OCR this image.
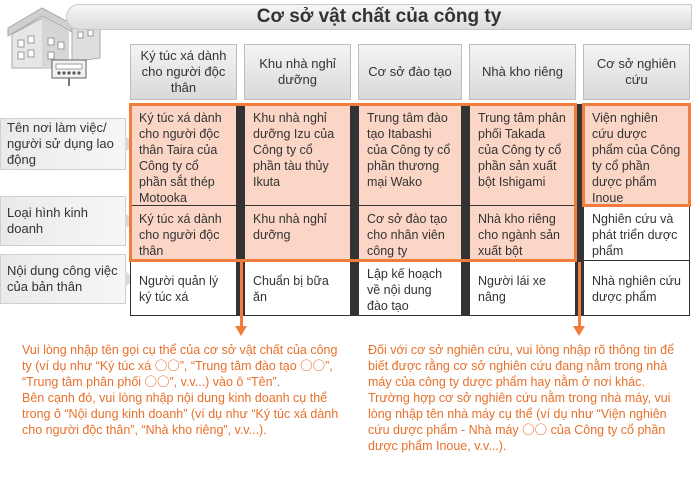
Cơ sở vật chất của công ty
Ký túc xá dành cho người độc thân
Khu nhà nghỉ dưỡng
Cơ sở đào tạo	Nhà kho riêng
Cơ sở nghiên cứu
Tên nơi làm việc/ người sử dụng lao động
Loại hình kinh doanh
Nội dung công việc của bản thân
Ký túc xá dành cho người độc thân Taira của Công ty cổ phần sắt thép Motooka
Khu nhà nghỉ dưỡng Izu của Công ty cổ phần tàu thủy Ikuta
Trung tâm đào tạo Itabashi của Công ty cổ phần thương mại Wako
Trung tâm phân phối Takada của Công ty cổ phần sản xuất bột Ishigami
Viện nghiên cứu dược phẩm của Công ty cổ phần dược phẩm Inoue
Ký túc xá dành cho người độc thân
Khu nhà nghỉ dưỡng
Cơ sở đào tạo cho nhân viên công ty
Nhà kho riêng cho ngành sản xuất bột
Nghiên cứu và phát triển dược phẩm
Người quản lý ký túc xá
Chuẩn bị bữa ăn
Lập kế hoạch về nội dung đào tạo
Người lái xe nâng
Nhà nghiên cứu dược phẩm

Vui lòng nhập tên gọi cụ thể của cơ sở vật chất của công ty (ví dụ như “Ký túc xá 〇〇”, “Trung tâm đào tạo 〇〇”, “Trung tâm phân phối 〇〇”, v.v...) vào ô “Tên”.

Bên cạnh đó, vui lòng nhập nội dung kinh doanh cụ thể trong ô “Nội dung kinh doanh” (ví dụ như “Ký túc xá dành cho người độc thân”, “Nhà kho riêng”, v.v...).

Đối với cơ sở nghiên cứu, vui lòng nhập rõ thông tin để biết được rằng cơ sở nghiên cứu đang nằm trong nhà máy của công ty dược phẩm hay nằm ở nơi khác.

Trường hợp cơ sở nghiên cứu nằm trong nhà máy, vui lòng nhập tên nhà máy cụ thể (ví dụ như “Viện nghiên cứu dược phẩm - Nhà máy 〇〇 của Công ty cổ phần dược phẩm Inoue, v.v...).
